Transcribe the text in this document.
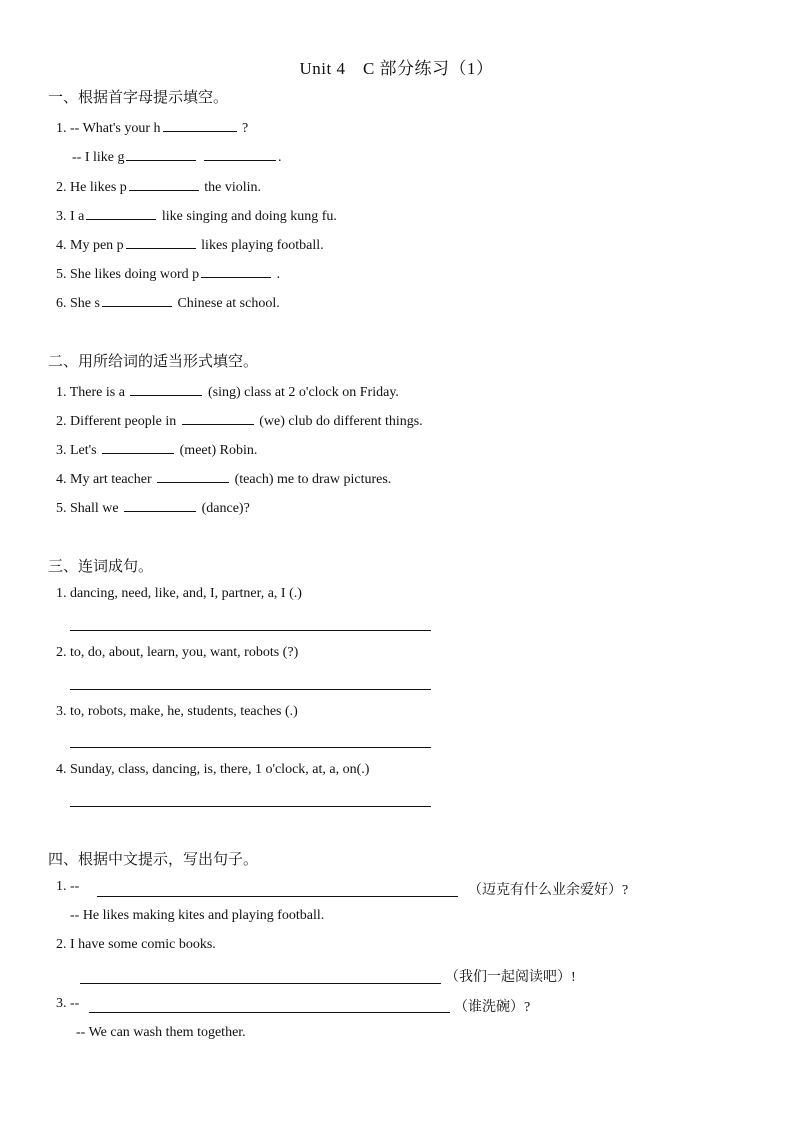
Unit 4　C 部分练习（1）
一、根据首字母提示填空。
1. -- What's your h	?
-- I like g	.
2. He likes p	the violin.
3. I a	like singing and doing kung fu.
4. My pen p	likes playing football.
5. She likes doing word p	.
6. She s	Chinese at school.
二、用所给词的适当形式填空。
1. There is a	(sing) class at 2 o'clock on Friday.
2. Different people in	(we) club do different things.
3. Let's	(meet) Robin.
4. My art teacher	(teach) me to draw pictures.
5. Shall we	(dance)?
三、连词成句。
1. dancing, need, like, and, I, partner, a, I (.)
2. to, do, about, learn, you, want, robots (?)
3. to, robots, make, he, students, teaches (.)
4. Sunday, class, dancing, is, there, 1 o'clock, at, a, on(.)
四、根据中文提示，写出句子。
1. --	（迈克有什么业余爱好）?
-- He likes making kites and playing football.
2. I have some comic books.
（我们一起阅读吧）!
3. --	（谁洗碗）?
-- We can wash them together.
